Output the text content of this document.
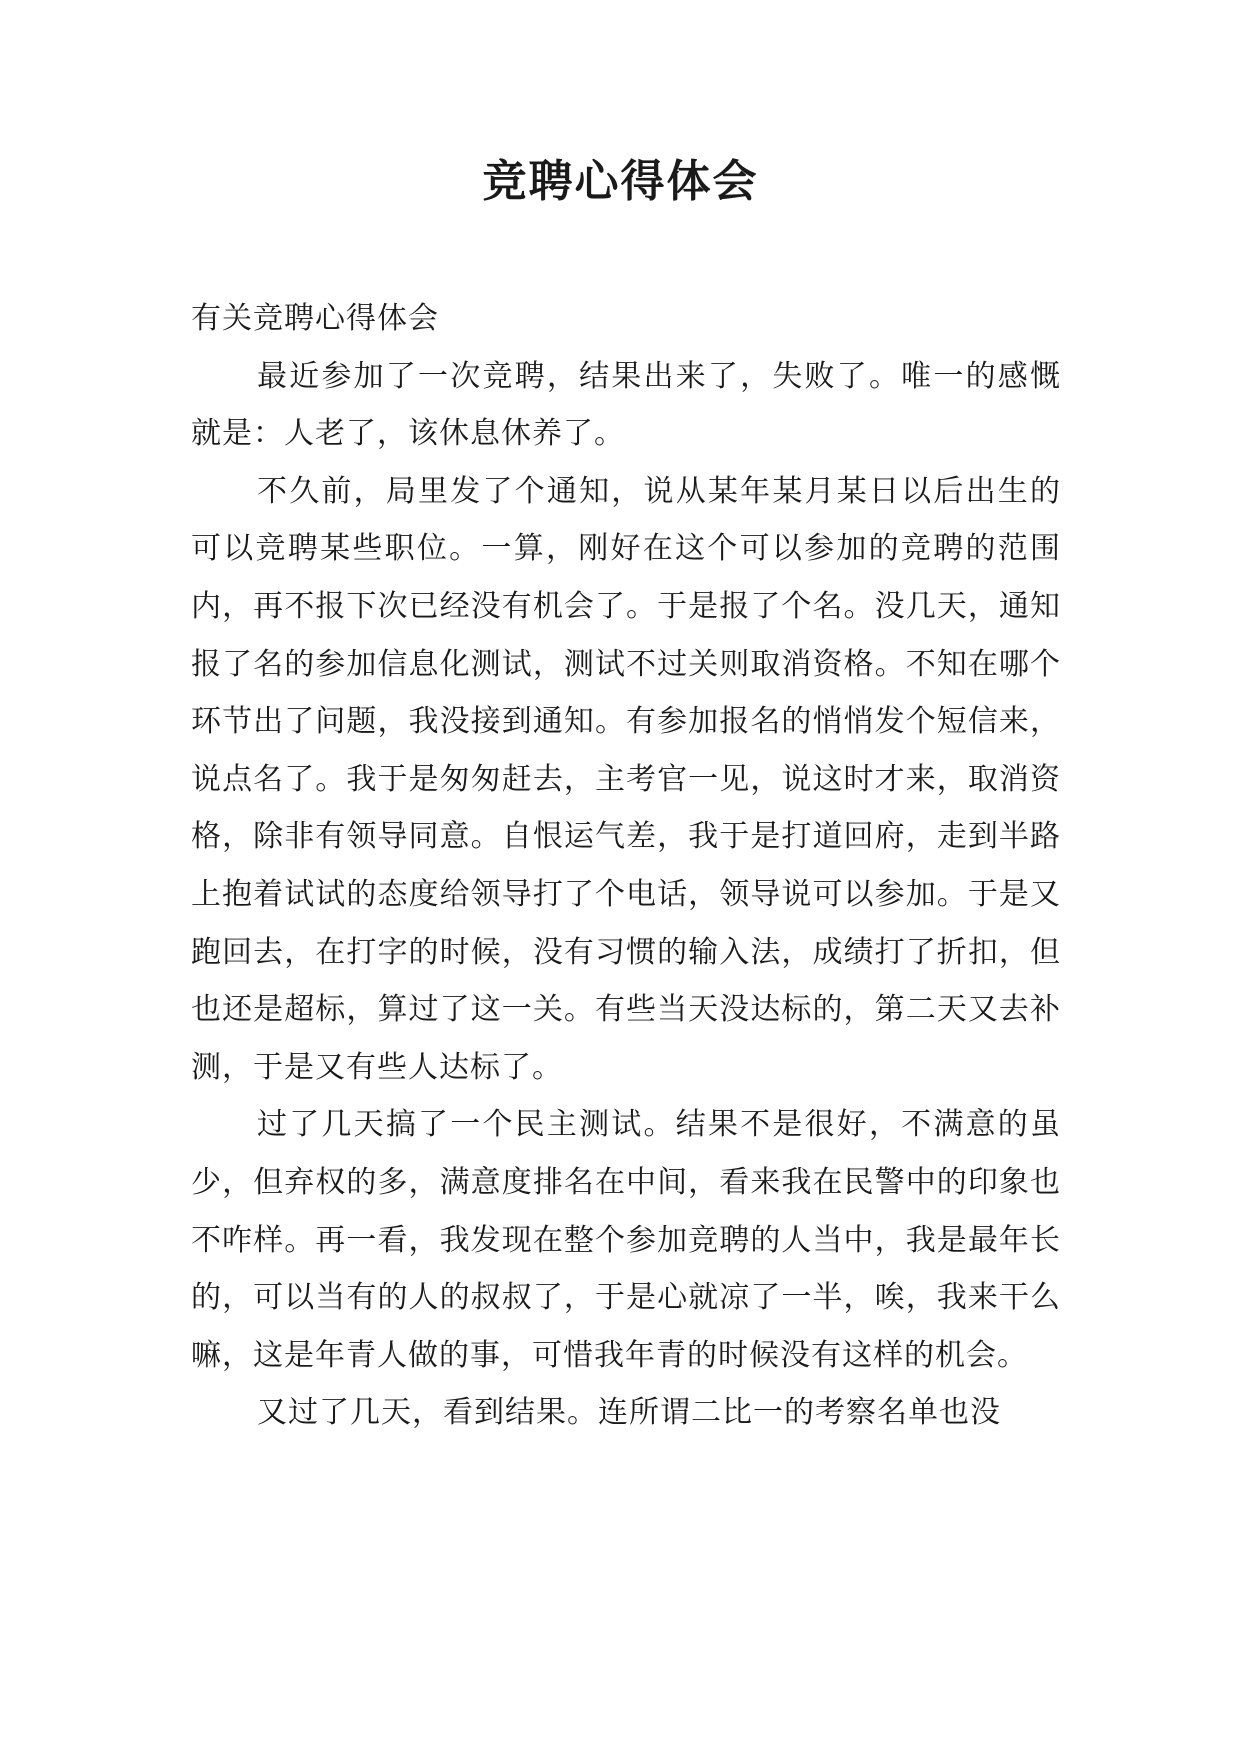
竞聘心得体会

有关竞聘心得体会

最近参加了一次竞聘，结果出来了，失败了。唯一的感慨就是：人老了，该休息休养了。

不久前，局里发了个通知，说从某年某月某日以后出生的可以竞聘某些职位。一算，刚好在这个可以参加的竞聘的范围内，再不报下次已经没有机会了。于是报了个名。没几天，通知报了名的参加信息化测试，测试不过关则取消资格。不知在哪个环节出了问题，我没接到通知。有参加报名的悄悄发个短信来，说点名了。我于是匆匆赶去，主考官一见，说这时才来，取消资格，除非有领导同意。自恨运气差，我于是打道回府，走到半路上抱着试试的态度给领导打了个电话，领导说可以参加。于是又跑回去，在打字的时候，没有习惯的输入法，成绩打了折扣，但也还是超标，算过了这一关。有些当天没达标的，第二天又去补测，于是又有些人达标了。

过了几天搞了一个民主测试。结果不是很好，不满意的虽少，但弃权的多，满意度排名在中间，看来我在民警中的印象也不咋样。再一看，我发现在整个参加竞聘的人当中，我是最年长的，可以当有的人的叔叔了，于是心就凉了一半，唉，我来干么嘛，这是年青人做的事，可惜我年青的时候没有这样的机会。

又过了几天，看到结果。连所谓二比一的考察名单也没
